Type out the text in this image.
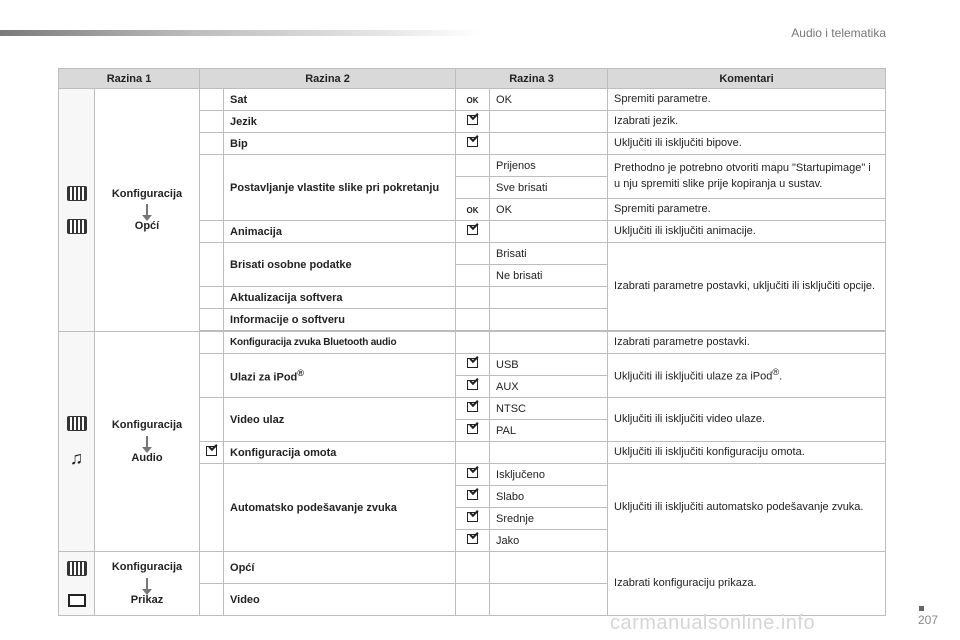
Audio i telematika
Razina 1		Razina 2		Razina 3		Komentari

	Konfiguracija
Općí		Sat	OK	OK	Spremiti parametre.
			Jezik			Izabrati jezik.
			Bip			Uključiti ili isključiti bipove.
			Postavljanje vlastite slike pri pokretanju		Prijenos	Prethodno je potrebno otvoriti mapu "Startupimage" i u nju spremiti slike prije kopiranja u sustav.
					Sve brisati	
				OK	OK	Spremiti parametre.
			Animacija			Uključiti ili isključiti animacije.
			Brisati osobne podatke		Brisati	Izabrati parametre postavki, uključiti ili isključiti opcije.
					Ne brisati	
			Aktualizacija softvera			
			Informacije o softveru			

♫	Konfiguracija
Audio		Konfiguracija zvuka Bluetooth audio			Izabrati parametre postavki.
			Ulazi za iPod®		USB	Uključiti ili isključiti ulaze za iPod®.
					AUX	
			Video ulaz		NTSC	Uključiti ili isključiti video ulaze.
					PAL	
			Konfiguracija omota			Uključiti ili isključiti konfiguraciju omota.
			Automatsko podešavanje zvuka		Isključeno	Uključiti ili isključiti automatsko podešavanje zvuka.
					Slabo	
					Srednje	
					Jako	

	Konfiguracija
Prikaz		Općí			Izabrati konfiguraciju prikaza.
			Video			
carmanualsonline.info	207
